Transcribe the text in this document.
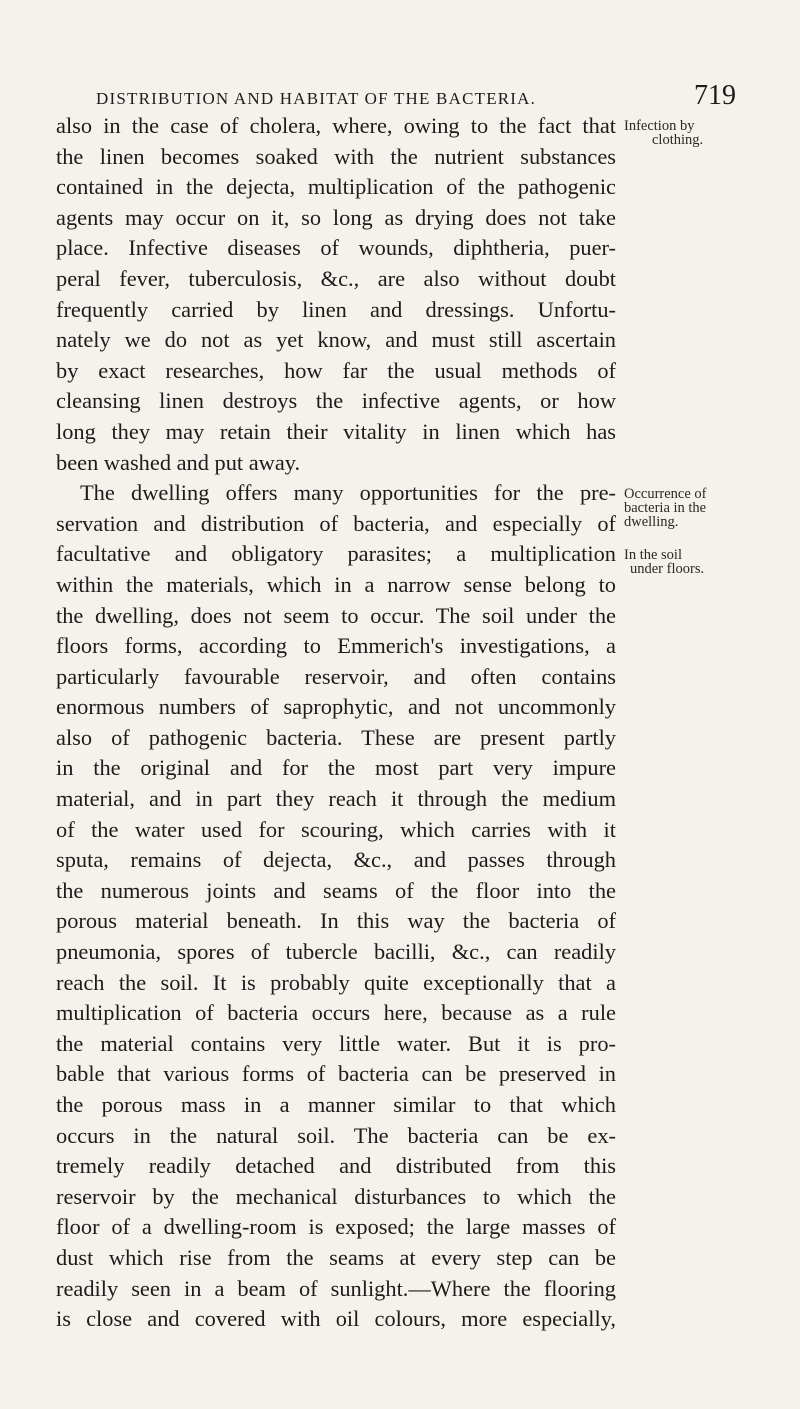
DISTRIBUTION AND HABITAT OF THE BACTERIA.	719
also in the case of cholera, where, owing to the fact that
the linen becomes soaked with the nutrient substances
contained in the dejecta, multiplication of the pathogenic
agents may occur on it, so long as drying does not take
place. Infective diseases of wounds, diphtheria, puer-
peral fever, tuberculosis, &c., are also without doubt
frequently carried by linen and dressings. Unfortu-
nately we do not as yet know, and must still ascertain
by exact researches, how far the usual methods of
cleansing linen destroys the infective agents, or how
long they may retain their vitality in linen which has
been washed and put away.
The dwelling offers many opportunities for the pre-
servation and distribution of bacteria, and especially of
facultative and obligatory parasites; a multiplication
within the materials, which in a narrow sense belong to
the dwelling, does not seem to occur. The soil under the
floors forms, according to Emmerich's investigations, a
particularly favourable reservoir, and often contains
enormous numbers of saprophytic, and not uncommonly
also of pathogenic bacteria. These are present partly
in the original and for the most part very impure
material, and in part they reach it through the medium
of the water used for scouring, which carries with it
sputa, remains of dejecta, &c., and passes through
the numerous joints and seams of the floor into the
porous material beneath. In this way the bacteria of
pneumonia, spores of tubercle bacilli, &c., can readily
reach the soil. It is probably quite exceptionally that a
multiplication of bacteria occurs here, because as a rule
the material contains very little water. But it is pro-
bable that various forms of bacteria can be preserved in
the porous mass in a manner similar to that which
occurs in the natural soil. The bacteria can be ex-
tremely readily detached and distributed from this
reservoir by the mechanical disturbances to which the
floor of a dwelling-room is exposed; the large masses of
dust which rise from the seams at every step can be
readily seen in a beam of sunlight.—Where the flooring
is close and covered with oil colours, more especially,
Infection by
clothing.
Occurrence of
bacteria in the
dwelling.
In the soil
under floors.
